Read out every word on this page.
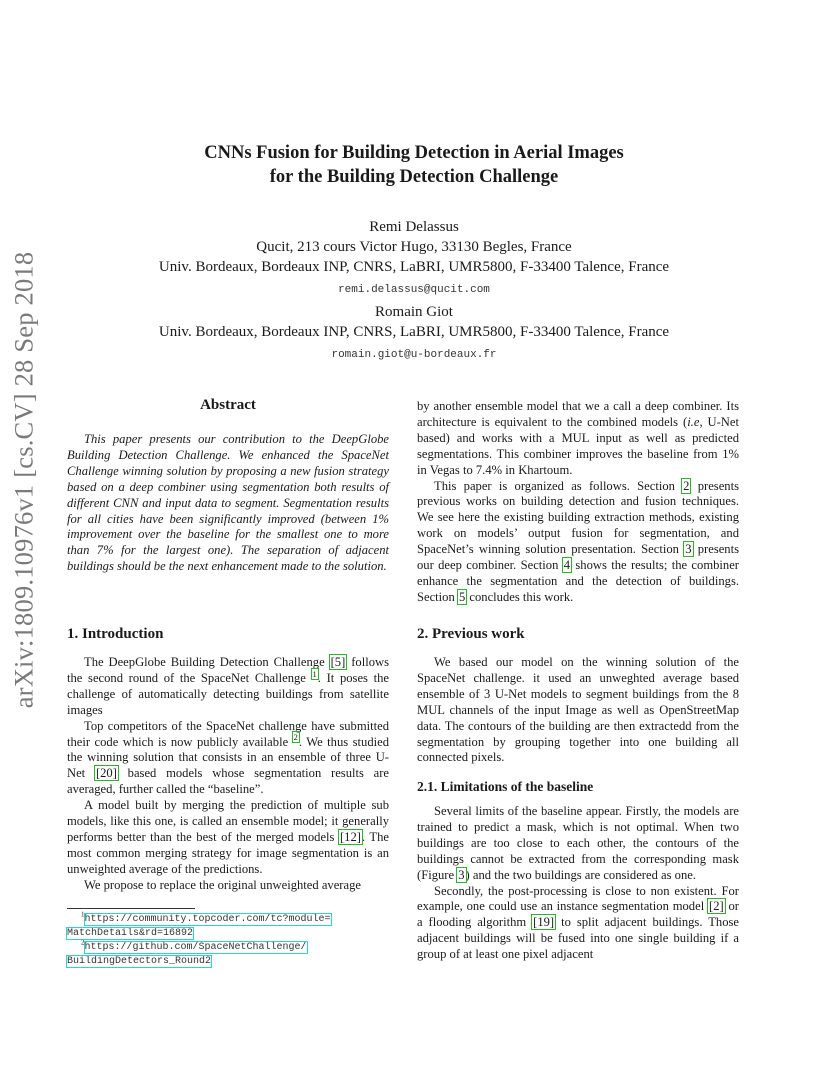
arXiv:1809.10976v1 [cs.CV] 28 Sep 2018
CNNs Fusion for Building Detection in Aerial Images
for the Building Detection Challenge
Remi Delassus
Qucit, 213 cours Victor Hugo, 33130 Begles, France
Univ. Bordeaux, Bordeaux INP, CNRS, LaBRI, UMR5800, F-33400 Talence, France
remi.delassus@qucit.com
Romain Giot
Univ. Bordeaux, Bordeaux INP, CNRS, LaBRI, UMR5800, F-33400 Talence, France
romain.giot@u-bordeaux.fr
Abstract

This paper presents our contribution to the DeepGlobe Building Detection Challenge. We enhanced the SpaceNet Challenge winning solution by proposing a new fusion strategy based on a deep combiner using segmentation both results of different CNN and input data to segment. Segmentation results for all cities have been significantly improved (between 1% improvement over the baseline for the smallest one to more than 7% for the largest one). The separation of adjacent buildings should be the next enhancement made to the solution.

1. Introduction

The DeepGlobe Building Detection Challenge [5] follows the second round of the SpaceNet Challenge $^1$. It poses the challenge of automatically detecting buildings from satellite images

Top competitors of the SpaceNet challenge have submitted their code which is now publicly available $^2$. We thus studied the winning solution that consists in an ensemble of three U-Net [20] based models whose segmentation results are averaged, further called the “baseline”.

A model built by merging the prediction of multiple sub models, like this one, is called an ensemble model; it generally performs better than the best of the merged models [12]. The most common merging strategy for image segmentation is an unweighted average of the predictions.

We propose to replace the original unweighted average

$^1$https://community.topcoder.com/tc?module=
MatchDetails&rd=16892
$^2$https://github.com/SpaceNetChallenge/
BuildingDetectors_Round2

by another ensemble model that we a call a deep combiner. Its architecture is equivalent to the combined models (i.e, U-Net based) and works with a MUL input as well as predicted segmentations. This combiner improves the baseline from 1% in Vegas to 7.4% in Khartoum.

This paper is organized as follows. Section 2 presents previous works on building detection and fusion techniques. We see here the existing building extraction methods, existing work on models’ output fusion for segmentation, and SpaceNet’s winning solution presentation. Section 3 presents our deep combiner. Section 4 shows the results; the combiner enhance the segmentation and the detection of buildings. Section 5 concludes this work.

2. Previous work

We based our model on the winning solution of the SpaceNet challenge. it used an unweghted average based ensemble of 3 U-Net models to segment buildings from the 8 MUL channels of the input Image as well as OpenStreetMap data. The contours of the building are then extractedd from the segmentation by grouping together into one building all connected pixels.

2.1. Limitations of the baseline

Several limits of the baseline appear. Firstly, the models are trained to predict a mask, which is not optimal. When two buildings are too close to each other, the contours of the buildings cannot be extracted from the corresponding mask (Figure 3) and the two buildings are considered as one.

Secondly, the post-processing is close to non existent. For example, one could use an instance segmentation model [2] or a flooding algorithm [19] to split adjacent buildings. Those adjacent buildings will be fused into one single building if a group of at least one pixel adjacent
